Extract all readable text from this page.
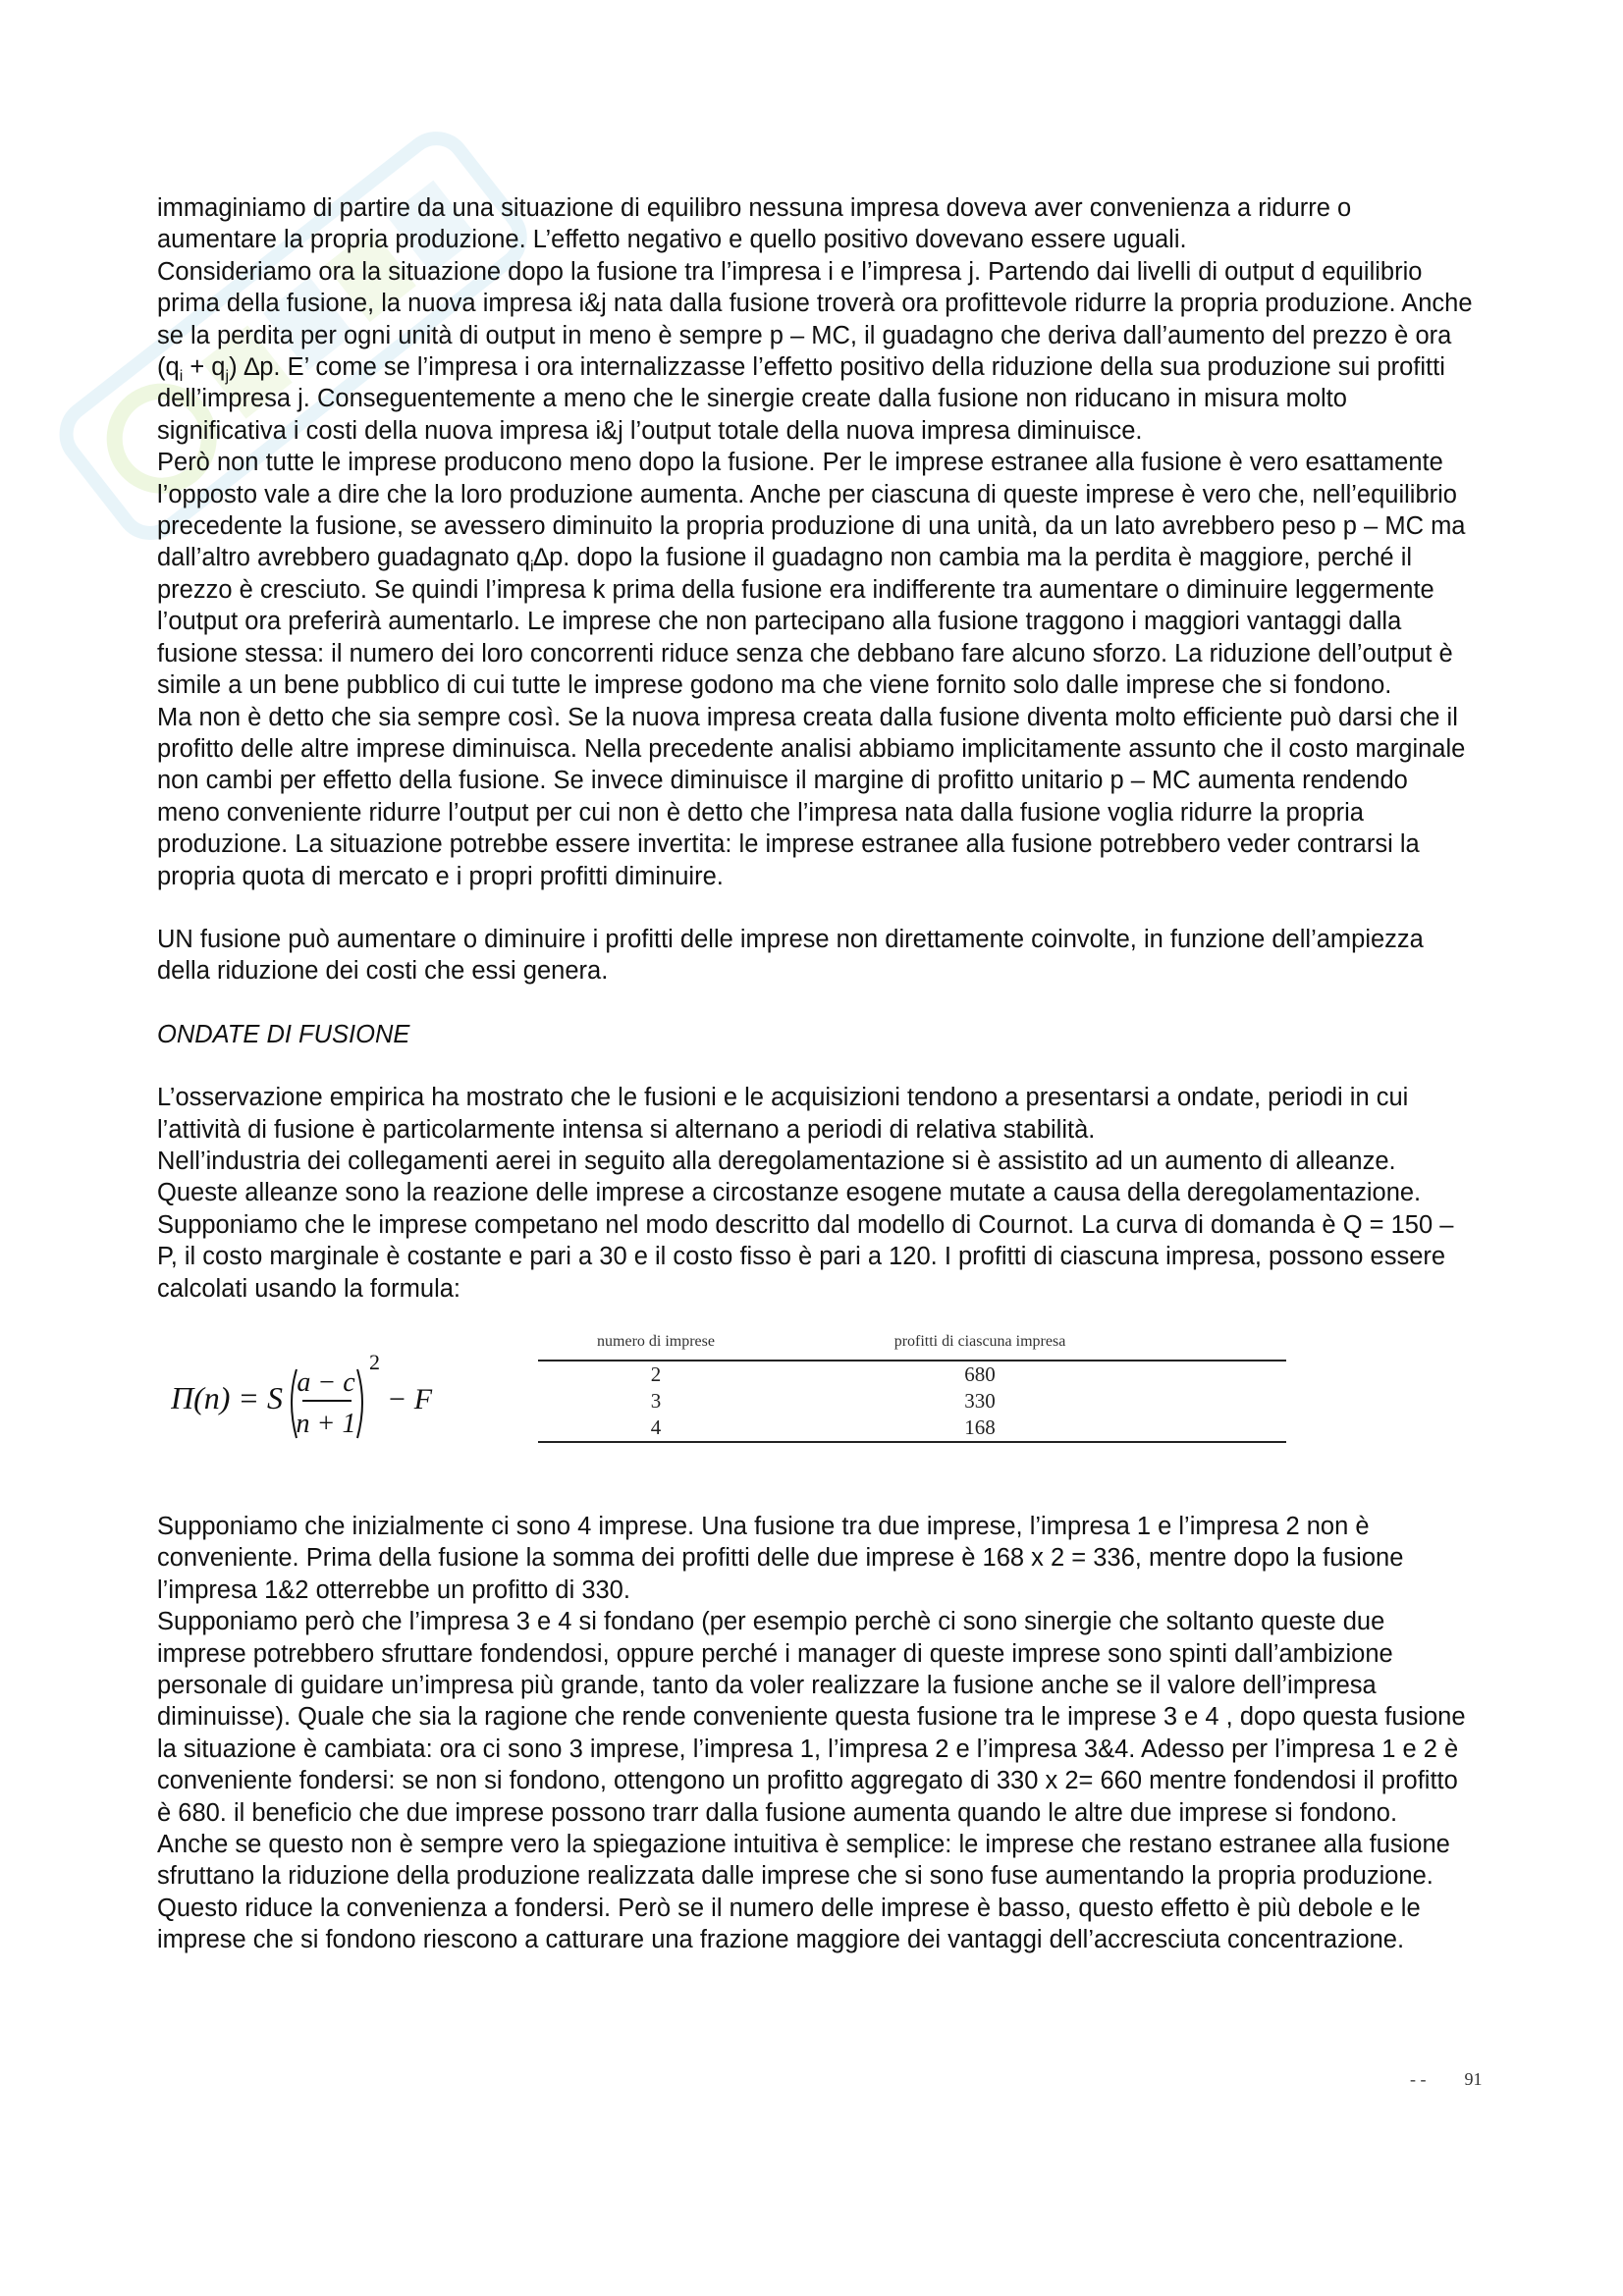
immaginiamo di partire da una situazione di equilibro nessuna impresa doveva aver convenienza a ridurre o aumentare la propria produzione. L’effetto negativo e quello positivo dovevano essere uguali.

Consideriamo ora la situazione dopo la fusione tra l’impresa i e l’impresa j. Partendo dai livelli di output d equilibrio prima della fusione, la nuova impresa i&j nata dalla fusione troverà ora profittevole ridurre la propria produzione. Anche se la perdita per ogni unità di output in meno è sempre p – MC, il guadagno che deriva dall’aumento del prezzo è ora $(q_i + q_j)$ ∆p. E’ come se l’impresa i ora internalizzasse l’effetto positivo della riduzione della sua produzione sui profitti dell’impresa j. Conseguentemente a meno che le sinergie create dalla fusione non riducano in misura molto significativa i costi della nuova impresa i&j l’output totale della nuova impresa diminuisce.

Però non tutte le imprese producono meno dopo la fusione. Per le imprese estranee alla fusione è vero esattamente l’opposto vale a dire che la loro produzione aumenta. Anche per ciascuna di queste imprese è vero che, nell’equilibrio precedente la fusione, se avessero diminuito la propria produzione di una unità, da un lato avrebbero peso p – MC ma dall’altro avrebbero guadagnato $q_i\Delta p$. dopo la fusione il guadagno non cambia ma la perdita è maggiore, perché il prezzo è cresciuto. Se quindi l’impresa k prima della fusione era indifferente tra aumentare o diminuire leggermente l’output ora preferirà aumentarlo. Le imprese che non partecipano alla fusione traggono i maggiori vantaggi dalla fusione stessa: il numero dei loro concorrenti riduce senza che debbano fare alcuno sforzo. La riduzione dell’output è simile a un bene pubblico di cui tutte le imprese godono ma che viene fornito solo dalle imprese che si fondono.

Ma non è detto che sia sempre così. Se la nuova impresa creata dalla fusione diventa molto efficiente può darsi che il profitto delle altre imprese diminuisca. Nella precedente analisi abbiamo implicitamente assunto che il costo marginale non cambi per effetto della fusione. Se invece diminuisce il margine di profitto unitario p – MC aumenta rendendo meno conveniente ridurre l’output per cui non è detto che l’impresa nata dalla fusione voglia ridurre la propria produzione. La situazione potrebbe essere invertita: le imprese estranee alla fusione potrebbero veder contrarsi la propria quota di mercato e i propri profitti diminuire.

UN fusione può aumentare o diminuire i profitti delle imprese non direttamente coinvolte, in funzione dell’ampiezza della riduzione dei costi che essi genera.

ONDATE DI FUSIONE

L’osservazione empirica ha mostrato che le fusioni e le acquisizioni tendono a presentarsi a ondate, periodi in cui l’attività di fusione è particolarmente intensa si alternano a periodi di relativa stabilità.

Nell’industria dei collegamenti aerei in seguito alla deregolamentazione si è assistito ad un aumento di alleanze. Queste alleanze sono la reazione delle imprese a circostanze esogene mutate a causa della deregolamentazione.

Supponiamo che le imprese competano nel modo descritto dal modello di Cournot. La curva di domanda è Q = 150 – P, il costo marginale è costante e pari a 30 e il costo fisso è pari a 120. I profitti di ciascuna impresa, possono essere calcolati usando la formula:

Π(n) = S a − c
n + 1
2
− F
numero di imprese	profitti di ciascuna impresa
2	680
3	330
4	168

Supponiamo che inizialmente ci sono 4 imprese. Una fusione tra due imprese, l’impresa 1 e l’impresa 2 non è conveniente. Prima della fusione la somma dei profitti delle due imprese è 168 x 2 = 336, mentre dopo la fusione l’impresa 1&2 otterrebbe un profitto di 330.

Supponiamo però che l’impresa 3 e 4 si fondano (per esempio perchè ci sono sinergie che soltanto queste due imprese potrebbero sfruttare fondendosi, oppure perché i manager di queste imprese sono spinti dall’ambizione personale di guidare un’impresa più grande, tanto da voler realizzare la fusione anche se il valore dell’impresa diminuisse). Quale che sia la ragione che rende conveniente questa fusione tra le imprese 3 e 4 , dopo questa fusione la situazione è cambiata: ora ci sono 3 imprese, l’impresa 1, l’impresa 2 e l’impresa 3&4. Adesso per l’impresa 1 e 2 è conveniente fondersi: se non si fondono, ottengono un profitto aggregato di 330 x 2= 660 mentre fondendosi il profitto è 680. il beneficio che due imprese possono trarr dalla fusione aumenta quando le altre due imprese si fondono. Anche se questo non è sempre vero la spiegazione intuitiva è semplice: le imprese che restano estranee alla fusione sfruttano la riduzione della produzione realizzata dalle imprese che si sono fuse aumentando la propria produzione. Questo riduce la convenienza a fondersi. Però se il numero delle imprese è basso, questo effetto è più debole e le imprese che si fondono riescono a catturare una frazione maggiore dei vantaggi dell’accresciuta concentrazione.

- - 91
